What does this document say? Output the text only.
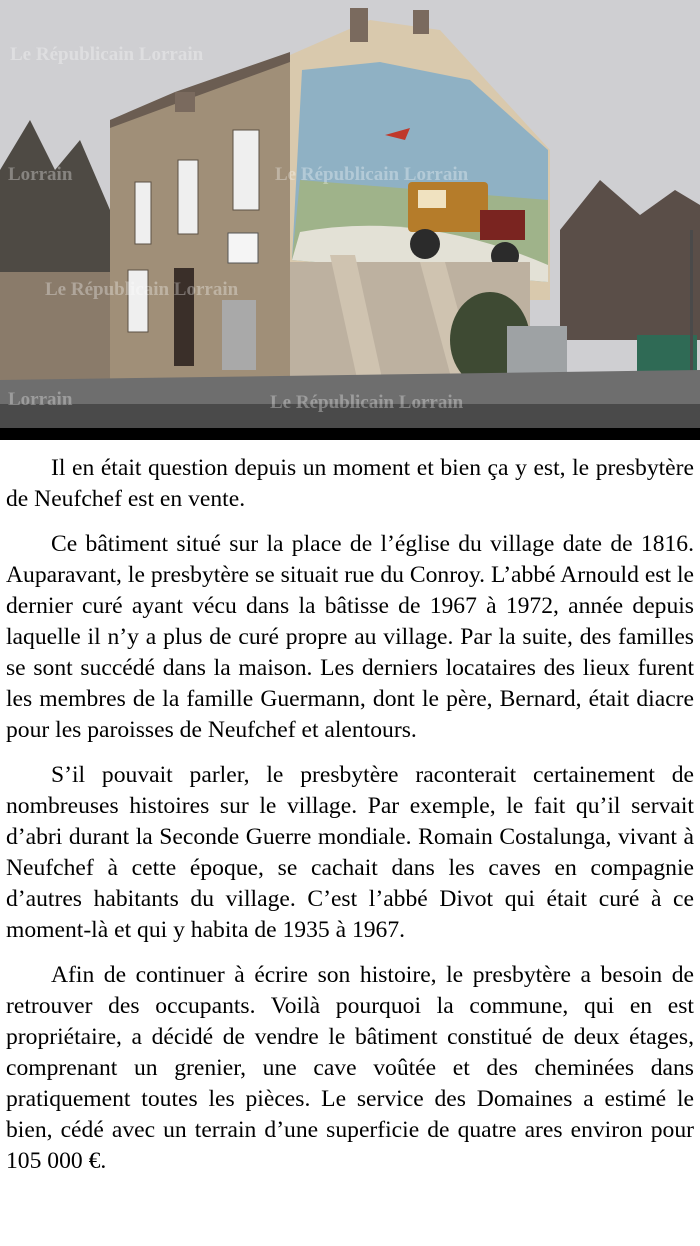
Le Républicain Lorrain
Lorrain	Le Républicain Lorrain
Lorrain
Le Républicain Lorrain
Le Républicain Lorrain

Il en était question depuis un moment et bien ça y est, le presbytère de Neufchef est en vente.

Ce bâtiment situé sur la place de l’église du village date de 1816. Auparavant, le presbytère se situait rue du Conroy. L’abbé Arnould est le dernier curé ayant vécu dans la bâtisse de 1967 à 1972, année depuis laquelle il n’y a plus de curé propre au village. Par la suite, des familles se sont succédé dans la maison. Les derniers locataires des lieux furent les membres de la famille Guermann, dont le père, Bernard, était diacre pour les paroisses de Neufchef et alentours.

S’il pouvait parler, le presbytère raconterait certainement de nombreuses histoires sur le village. Par exemple, le fait qu’il servait d’abri durant la Seconde Guerre mondiale. Romain Costalunga, vivant à Neufchef à cette époque, se cachait dans les caves en compagnie d’autres habitants du village. C’est l’abbé Divot qui était curé à ce moment-là et qui y habita de 1935 à 1967.

Afin de continuer à écrire son histoire, le presbytère a besoin de retrouver des occupants. Voilà pourquoi la commune, qui en est propriétaire, a décidé de vendre le bâtiment constitué de deux étages, comprenant un grenier, une cave voûtée et des cheminées dans pratiquement toutes les pièces. Le service des Domaines a estimé le bien, cédé avec un terrain d’une superficie de quatre ares environ pour 105 000 €.
